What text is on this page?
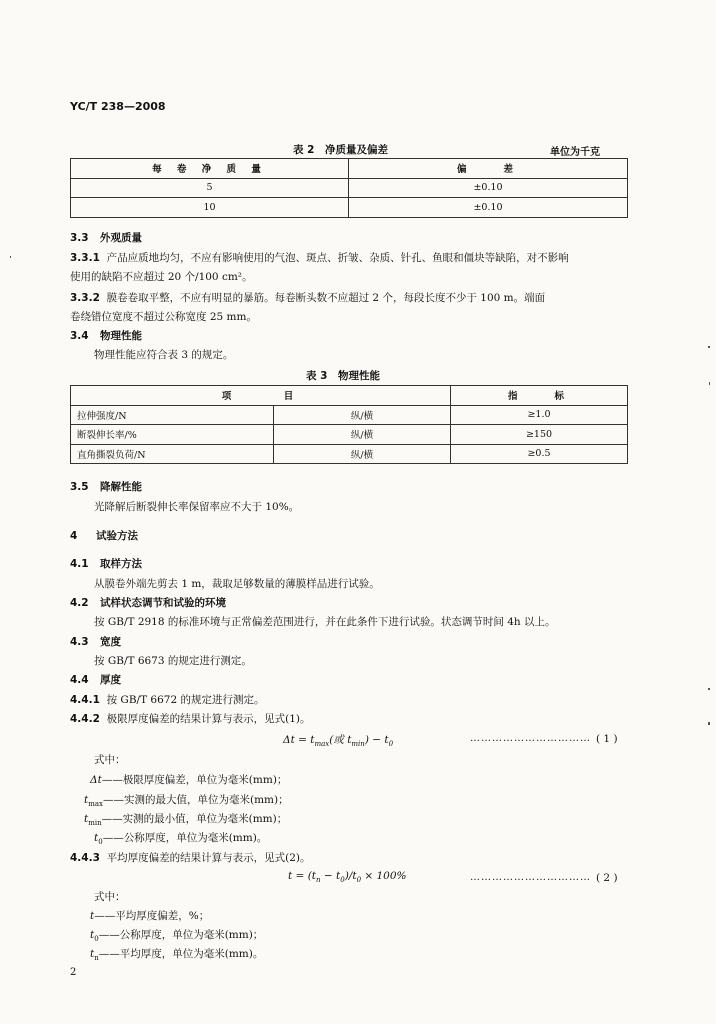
YC/T 238—2008
表 2　净质量及偏差	单位为千克
每 卷 净 质 量	偏　　差
5	±0.10
10	±0.10
3.3 外观质量
3.3.1 产品应质地均匀，不应有影响使用的气泡、斑点、折皱、杂质、针孔、鱼眼和僵块等缺陷，对不影响
使用的缺陷不应超过 20 个/100 cm²。
3.3.2 膜卷卷取平整，不应有明显的暴筋。每卷断头数不应超过 2 个，每段长度不少于 100 m。端面
卷绕错位宽度不超过公称宽度 25 mm。
3.4 物理性能
物理性能应符合表 3 的规定。
表 3　物理性能
项　　　目		指　　标
拉伸强度/N	纵/横	≥1.0
断裂伸长率/%	纵/横	≥150
直角撕裂负荷/N	纵/横	≥0.5
3.5 降解性能
光降解后断裂伸长率保留率应不大于 10%。
4 试验方法
4.1 取样方法
从膜卷外端先剪去 1 m，裁取足够数量的薄膜样品进行试验。
4.2 试样状态调节和试验的环境
按 GB/T 2918 的标准环境与正常偏差范围进行，并在此条件下进行试验。状态调节时间 4h 以上。
4.3 宽度
按 GB/T 6673 的规定进行测定。
4.4 厚度
4.4.1 按 GB/T 6672 的规定进行测定。
4.4.2 极限厚度偏差的结果计算与表示，见式(1)。
$\Delta t = t_{max}$(或 $t_{min}) - t_0$
…………………………… ( 1 )
式中：
Δt——极限厚度偏差，单位为毫米(mm)；
$t_{max}——$实测的最大值，单位为毫米(mm)；
$t_{min}——$实测的最小值，单位为毫米(mm)；
$t_0——$公称厚度，单位为毫米(mm)。
4.4.3 平均厚度偏差的结果计算与表示，见式(2)。
$t = (t_n - t_0)/t_0 \times 100\%$	…………………………… ( 2 )
式中：
t——平均厚度偏差，%；
$t_0——$公称厚度，单位为毫米(mm)；
$t_n——$平均厚度，单位为毫米(mm)。
2
